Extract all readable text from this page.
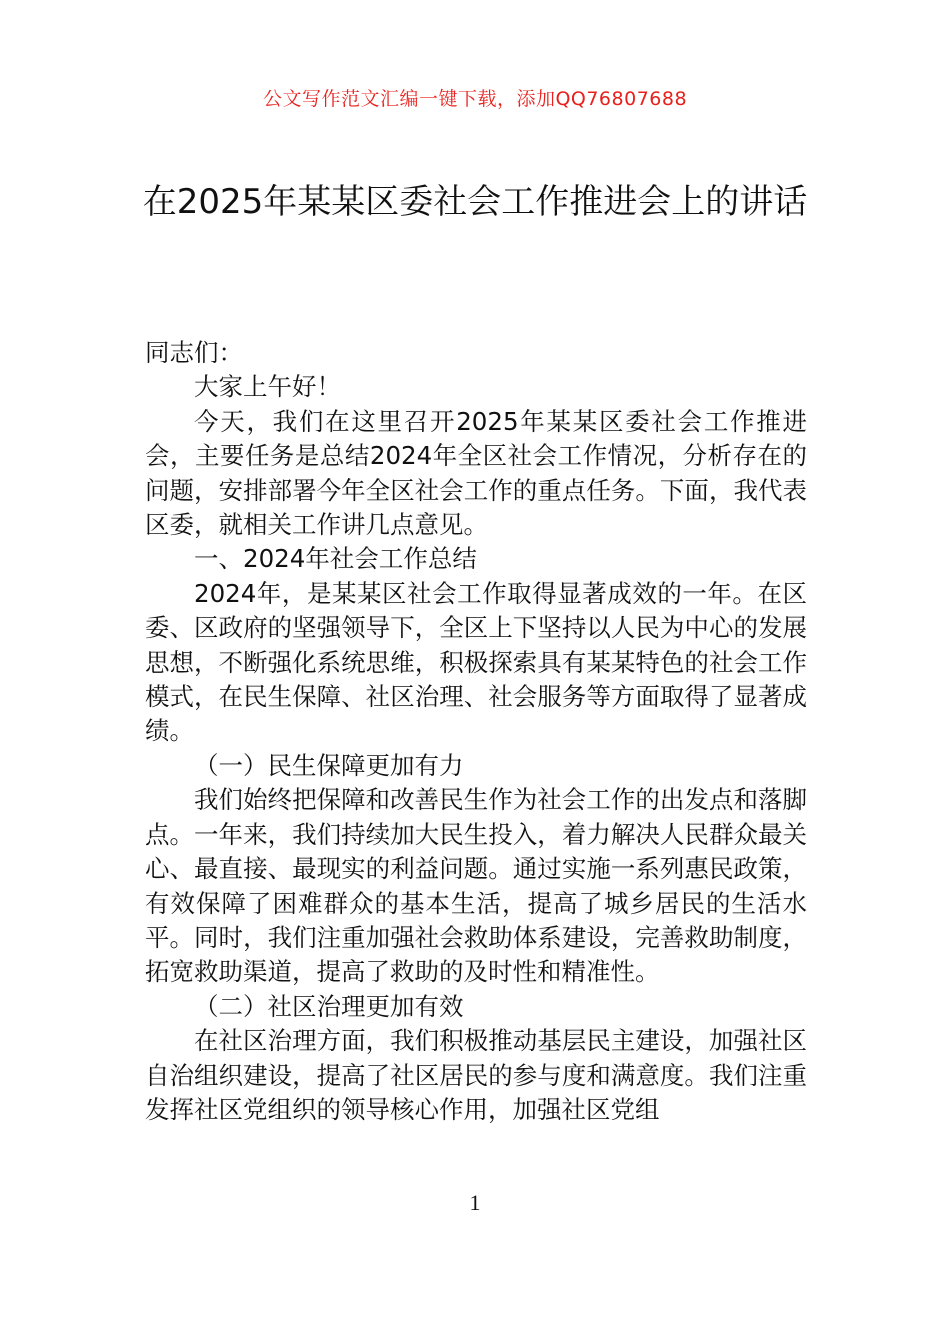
公文写作范文汇编一键下载，添加QQ76807688
在2025年某某区委社会工作推进会上的讲话

同志们：

大家上午好！

今天，我们在这里召开2025年某某区委社会工作推进会，主要任务是总结2024年全区社会工作情况，分析存在的问题，安排部署今年全区社会工作的重点任务。下面，我代表区委，就相关工作讲几点意见。

一、2024年社会工作总结

2024年，是某某区社会工作取得显著成效的一年。在区委、区政府的坚强领导下，全区上下坚持以人民为中心的发展思想，不断强化系统思维，积极探索具有某某特色的社会工作模式，在民生保障、社区治理、社会服务等方面取得了显著成绩。

（一）民生保障更加有力

我们始终把保障和改善民生作为社会工作的出发点和落脚点。一年来，我们持续加大民生投入，着力解决人民群众最关心、最直接、最现实的利益问题。通过实施一系列惠民政策，有效保障了困难群众的基本生活，提高了城乡居民的生活水平。同时，我们注重加强社会救助体系建设，完善救助制度，拓宽救助渠道，提高了救助的及时性和精准性。

（二）社区治理更加有效

在社区治理方面，我们积极推动基层民主建设，加强社区自治组织建设，提高了社区居民的参与度和满意度。我们注重发挥社区党组织的领导核心作用，加强社区党组

1
